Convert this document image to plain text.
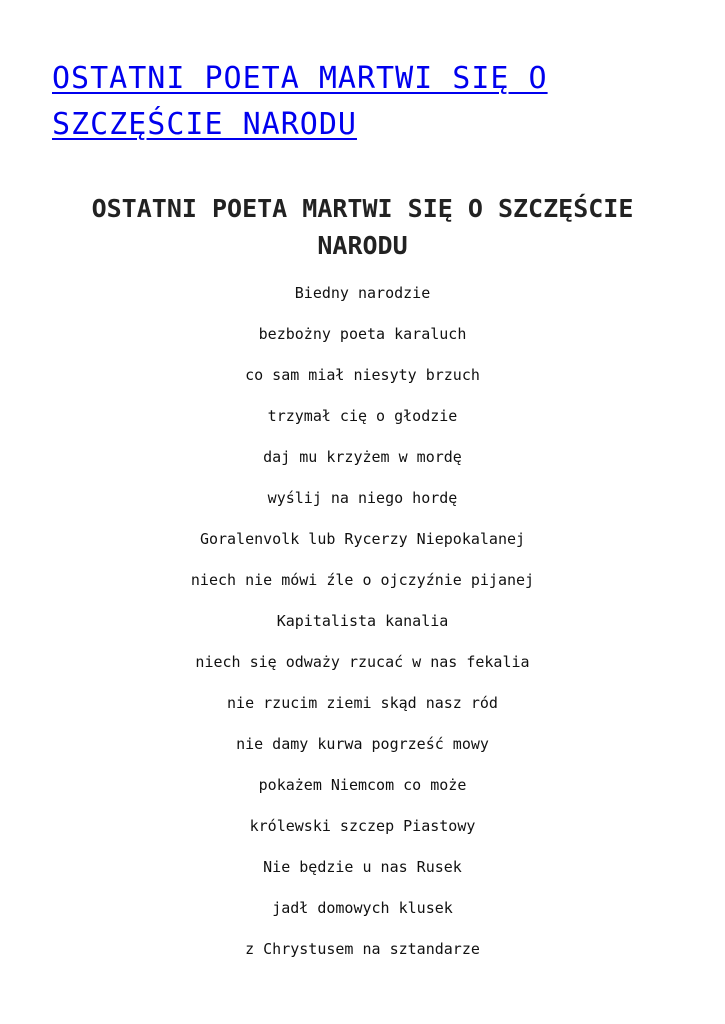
OSTATNI POETA MARTWI SIĘ O SZCZĘŚCIE NARODU
OSTATNI POETA MARTWI SIĘ O SZCZĘŚCIE NARODU
Biedny narodzie
bezbożny poeta karaluch
co sam miał niesyty brzuch
trzymał cię o głodzie
daj mu krzyżem w mordę
wyślij na niego hordę
Goralenvolk lub Rycerzy Niepokalanej
niech nie mówi źle o ojczyźnie pijanej
Kapitalista kanalia
niech się odważy rzucać w nas fekalia
nie rzucim ziemi skąd nasz ród
nie damy kurwa pogrześć mowy
pokażem Niemcom co może
królewski szczep Piastowy
Nie będzie u nas Rusek
jadł domowych klusek
z Chrystusem na sztandarze
